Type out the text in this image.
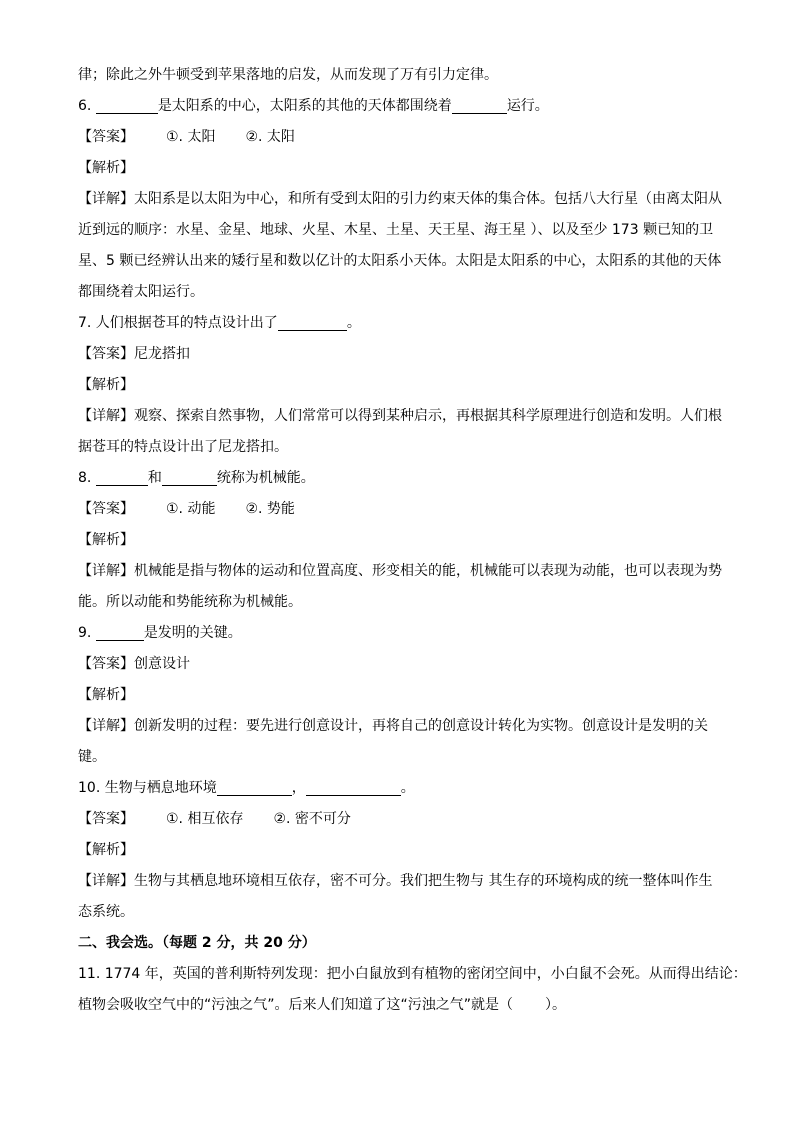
律；除此之外牛顿受到苹果落地的启发，从而发现了万有引力定律。
6.	是太阳系的中心，太阳系的其他的天体都围绕着	运行。
【答案】 ①. 太阳 ②. 太阳
【解析】
【详解】太阳系是以太阳为中心，和所有受到太阳的引力约束天体的集合体。包括八大行星（由离太阳从
近到远的顺序：水星、金星、地球、火星、木星、土星、天王星、海王星 ）、以及至少 173 颗已知的卫
星、5 颗已经辨认出来的矮行星和数以亿计的太阳系小天体。太阳是太阳系的中心，太阳系的其他的天体
都围绕着太阳运行。
7. 人们根据苍耳的特点设计出了	。
【答案】尼龙搭扣
【解析】
【详解】观察、探索自然事物，人们常常可以得到某种启示，再根据其科学原理进行创造和发明。人们根
据苍耳的特点设计出了尼龙搭扣。
8.	和	统称为机械能。
【答案】 ①. 动能 ②. 势能
【解析】
【详解】机械能是指与物体的运动和位置高度、形变相关的能，机械能可以表现为动能，也可以表现为势
能。所以动能和势能统称为机械能。
9.	是发明的关键。
【答案】创意设计
【解析】
【详解】创新发明的过程：要先进行创意设计，再将自己的创意设计转化为实物。创意设计是发明的关
键。
10. 生物与栖息地环境	，	。
【答案】 ①. 相互依存 ②. 密不可分
【解析】
【详解】生物与其栖息地环境相互依存，密不可分。我们把生物与 其生存的环境构成的统一整体叫作生
态系统。
二、我会选。（每题 2 分，共 20 分）
11. 1774 年，英国的普利斯特列发现：把小白鼠放到有植物的密闭空间中，小白鼠不会死。从而得出结论：
植物会吸收空气中的“污浊之气”。后来人们知道了这“污浊之气”就是（ ）。
